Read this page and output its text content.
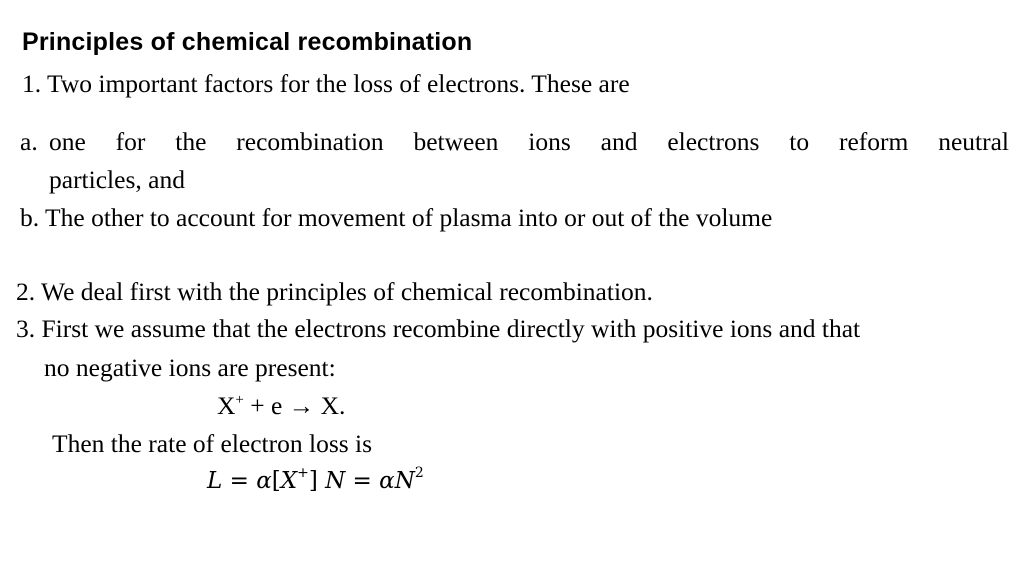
Principles of chemical recombination
1. Two important factors for the loss of electrons. These are
a. one for the recombination between ions and electrons to reform neutral
particles, and
b. The other to account for movement of plasma into or out of the volume
2. We deal first with the principles of chemical recombination.
3. First we assume that the electrons recombine directly with positive ions and that
no negative ions are present:
X+ + e → X.
Then the rate of electron loss is
L = α[X+] $N = \alpha N^2$
